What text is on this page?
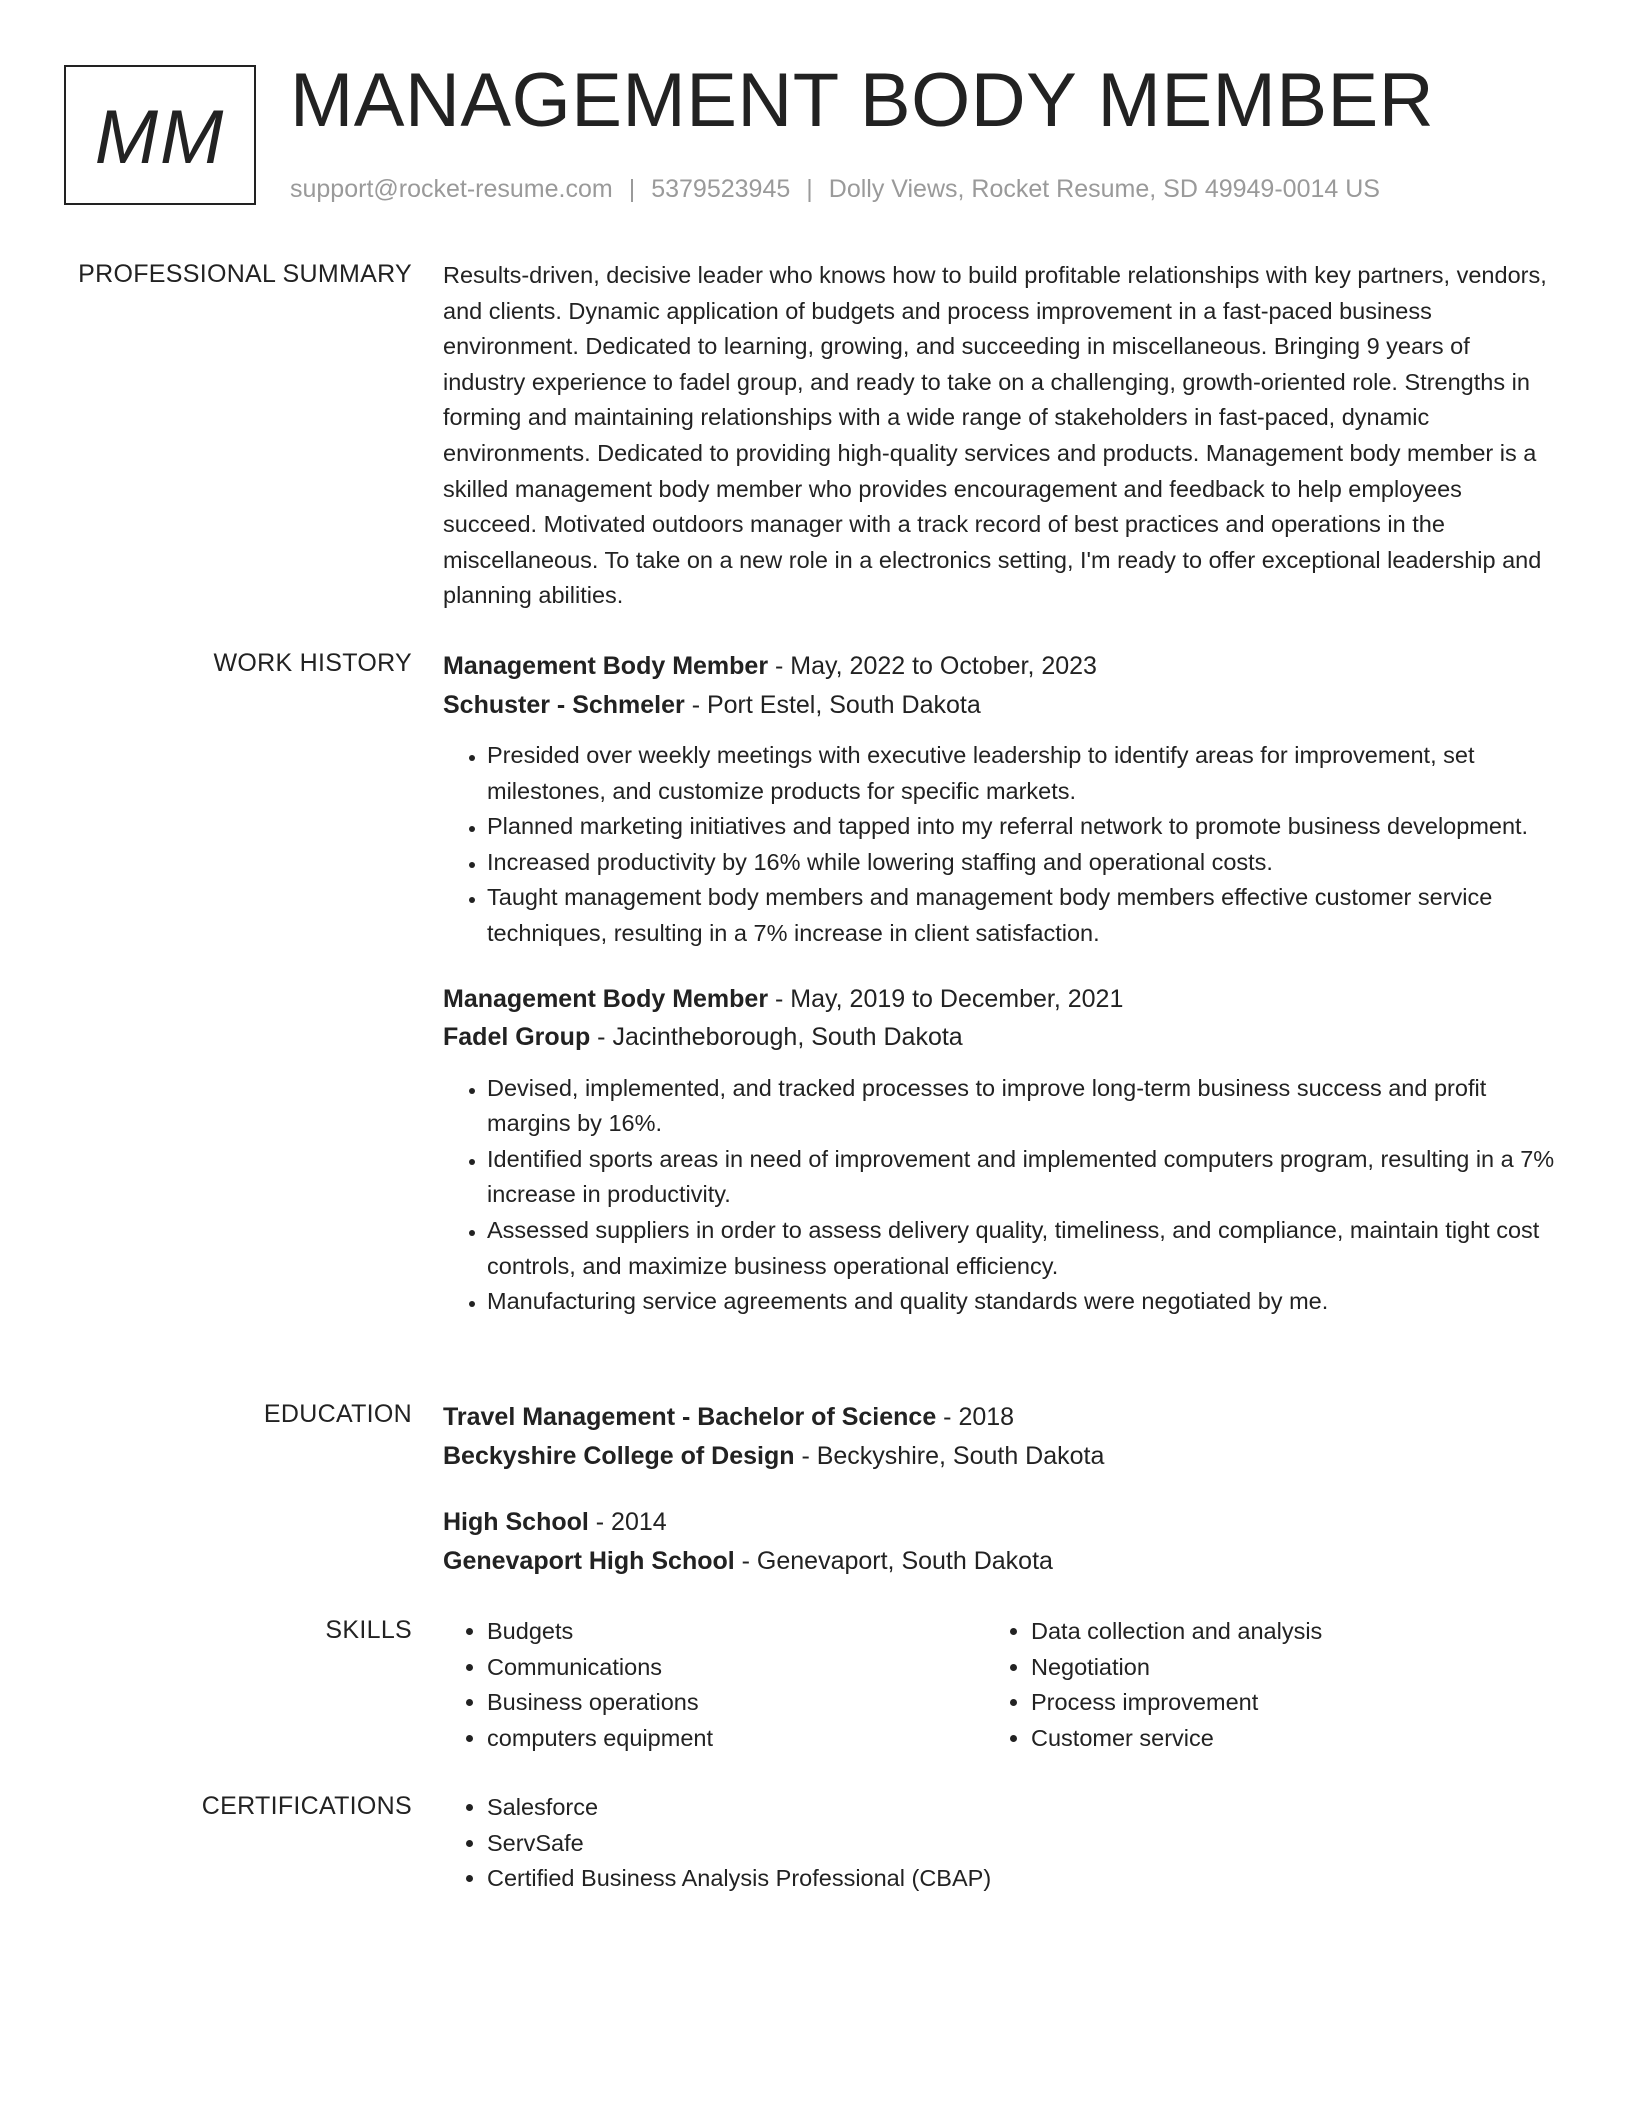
MM MANAGEMENT BODY MEMBER
support@rocket-resume.com | 5379523945 | Dolly Views, Rocket Resume, SD 49949-0014 US
PROFESSIONAL SUMMARY Results-driven, decisive leader who knows how to build profitable relationships with key partners, vendors, and clients. Dynamic application of budgets and process improvement in a fast-paced business environment. Dedicated to learning, growing, and succeeding in miscellaneous. Bringing 9 years of industry experience to fadel group, and ready to take on a challenging, growth-oriented role. Strengths in forming and maintaining relationships with a wide range of stakeholders in fast-paced, dynamic environments. Dedicated to providing high-quality services and products. Management body member is a skilled management body member who provides encouragement and feedback to help employees succeed. Motivated outdoors manager with a track record of best practices and operations in the miscellaneous. To take on a new role in a electronics setting, I'm ready to offer exceptional leadership and planning abilities.

WORK HISTORY Management Body Member - May, 2022 to October, 2023
Schuster - Schmeler - Port Estel, South Dakota
• Presided over weekly meetings with executive leadership to identify areas for improvement, set milestones, and customize products for specific markets.
• Planned marketing initiatives and tapped into my referral network to promote business development.
• Increased productivity by 16% while lowering staffing and operational costs.
• Taught management body members and management body members effective customer service techniques, resulting in a 7% increase in client satisfaction.
Management Body Member - May, 2019 to December, 2021
Fadel Group - Jacintheborough, South Dakota
• Devised, implemented, and tracked processes to improve long-term business success and profit margins by 16%.
• Identified sports areas in need of improvement and implemented computers program, resulting in a 7% increase in productivity.
• Assessed suppliers in order to assess delivery quality, timeliness, and compliance, maintain tight cost controls, and maximize business operational efficiency.
• Manufacturing service agreements and quality standards were negotiated by me.
EDUCATION Travel Management - Bachelor of Science - 2018
Beckyshire College of Design - Beckyshire, South Dakota
High School - 2014
Genevaport High School - Genevaport, South Dakota
SKILLS	• Budgets
• Communications
• Business operations
• computers equipment
• Data collection and analysis
• Negotiation
• Process improvement
• Customer service
CERTIFICATIONS	• Salesforce
• ServSafe
• Certified Business Analysis Professional (CBAP)
